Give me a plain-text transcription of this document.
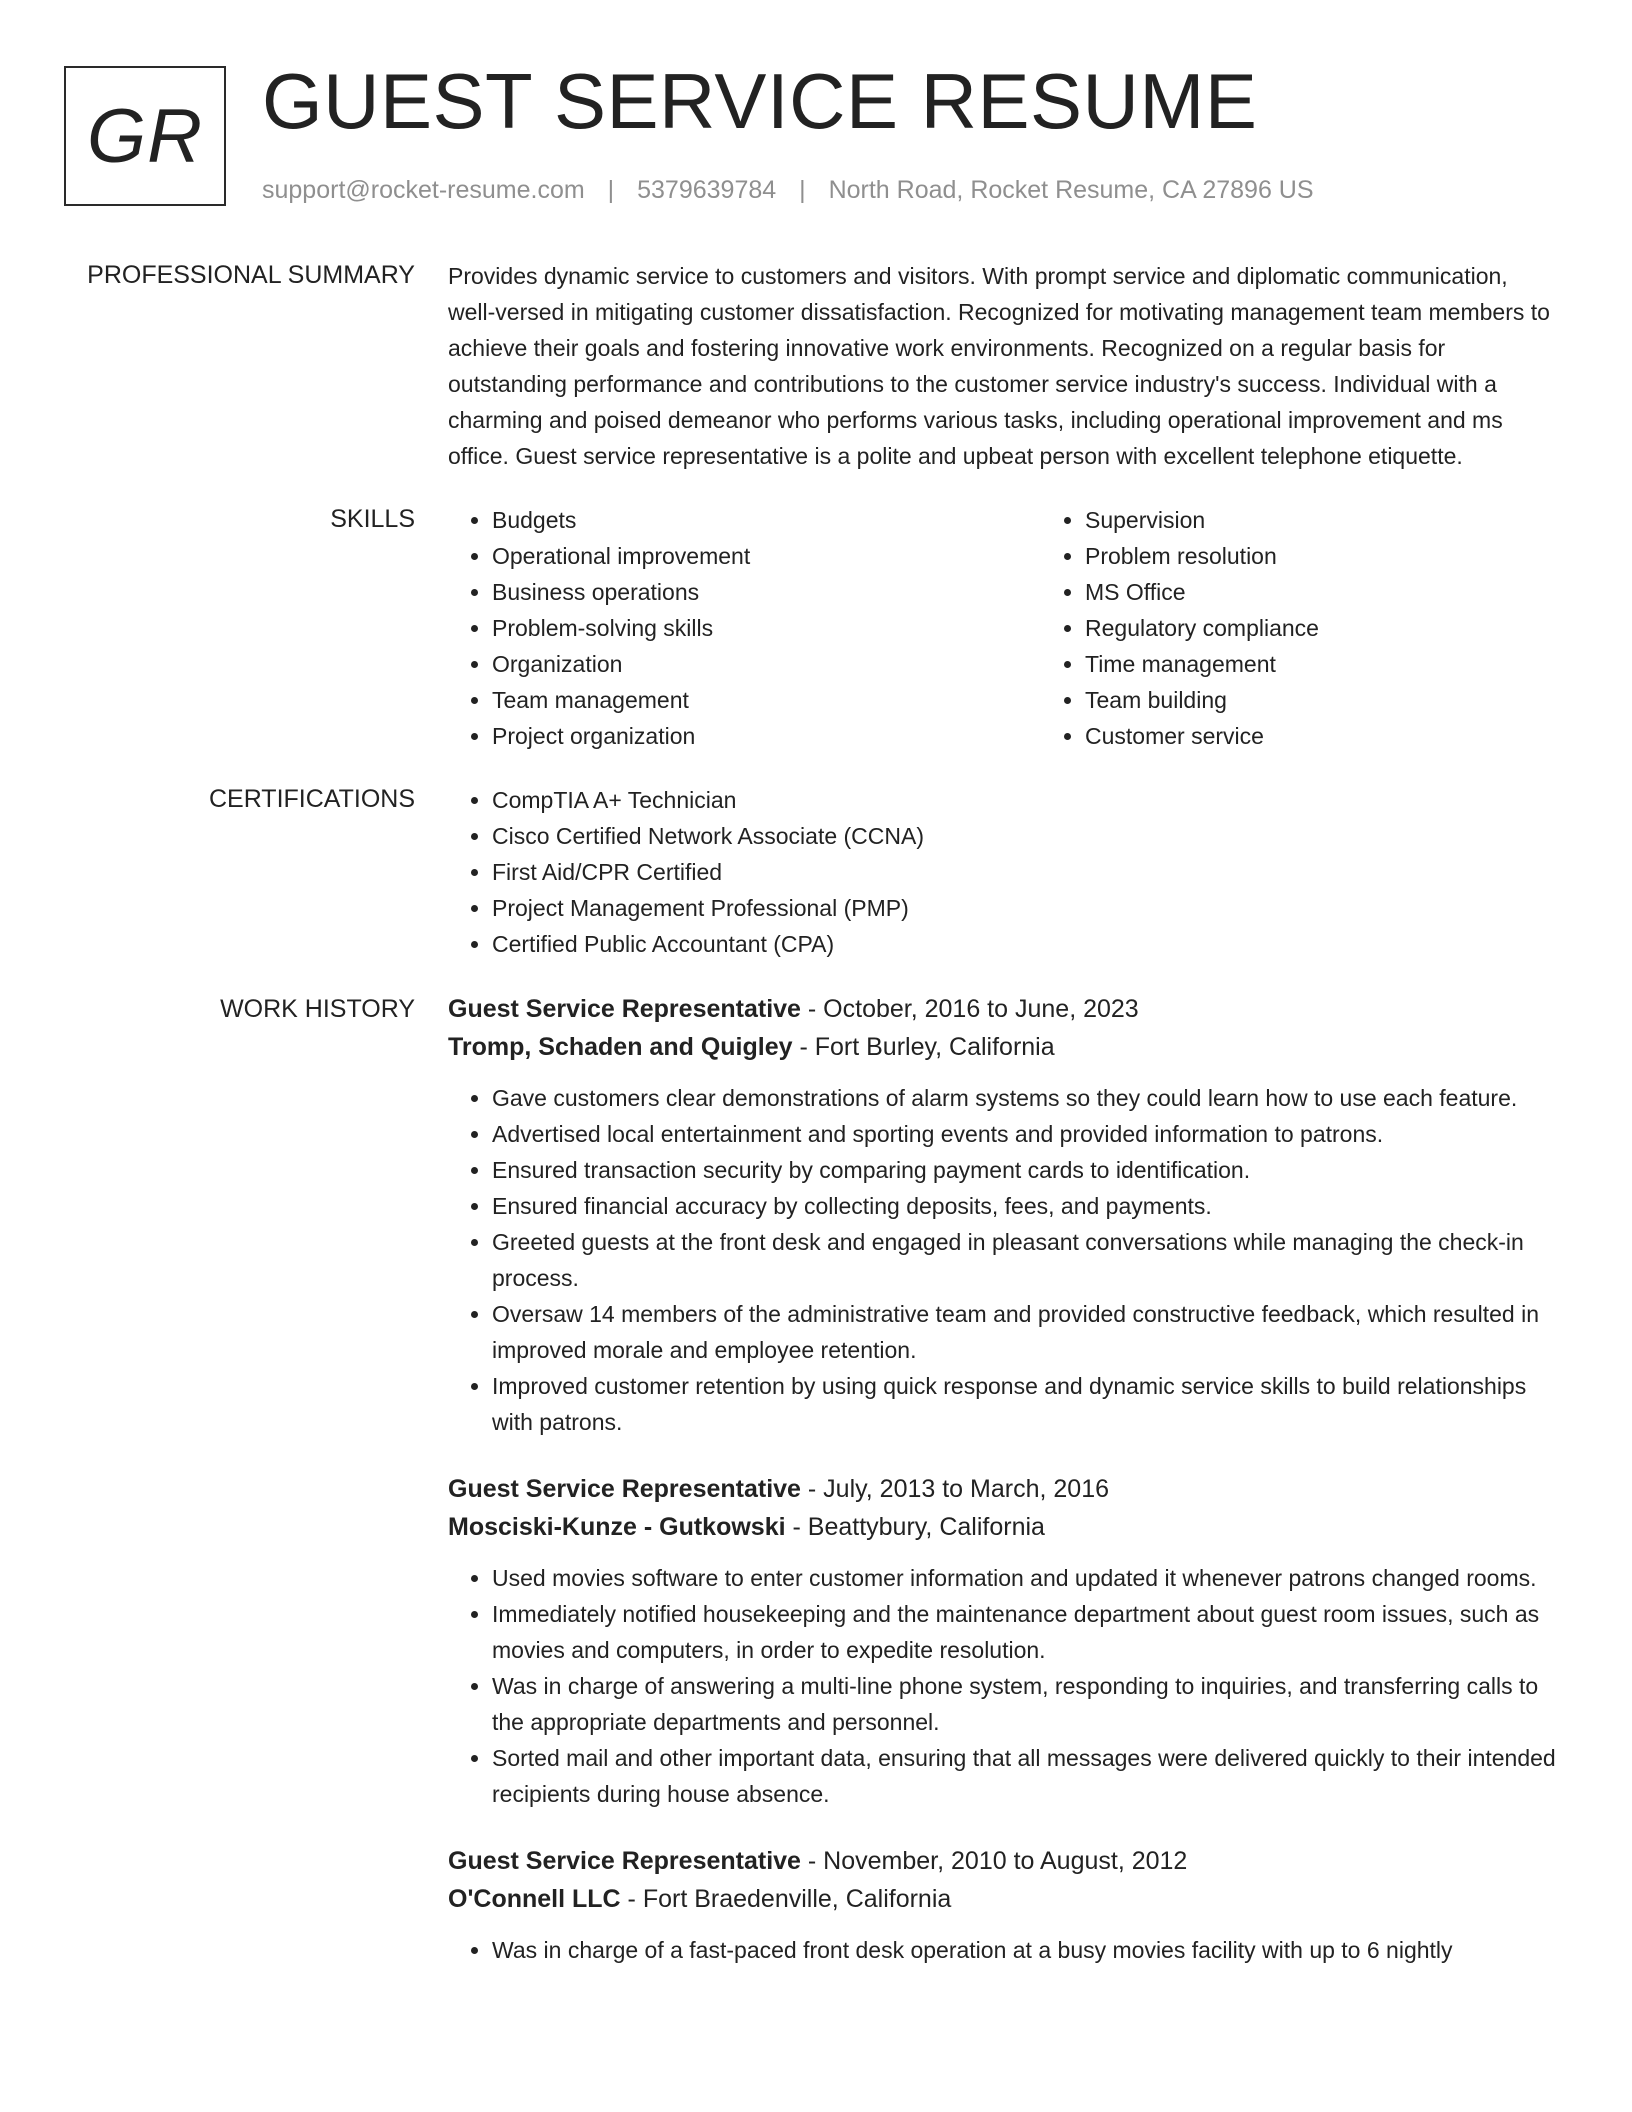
GR GUEST SERVICE RESUME
support@rocket-resume.com | 5379639784 | North Road, Rocket Resume, CA 27896 US
PROFESSIONAL SUMMARY Provides dynamic service to customers and visitors. With prompt service and diplomatic communication, well-versed in mitigating customer dissatisfaction. Recognized for motivating management team members to achieve their goals and fostering innovative work environments. Recognized on a regular basis for outstanding performance and contributions to the customer service industry's success. Individual with a charming and poised demeanor who performs various tasks, including operational improvement and ms office. Guest service representative is a polite and upbeat person with excellent telephone etiquette.

SKILLS	• Budgets
• Operational improvement
• Business operations
• Problem-solving skills
• Organization
• Team management
• Project organization
• Supervision
• Problem resolution
• MS Office
• Regulatory compliance
• Time management
• Team building
• Customer service
CERTIFICATIONS	• CompTIA A+ Technician
• Cisco Certified Network Associate (CCNA)
• First Aid/CPR Certified
• Project Management Professional (PMP)
• Certified Public Accountant (CPA)
WORK HISTORY Guest Service Representative - October, 2016 to June, 2023
Tromp, Schaden and Quigley - Fort Burley, California
• Gave customers clear demonstrations of alarm systems so they could learn how to use each feature.
• Advertised local entertainment and sporting events and provided information to patrons.
• Ensured transaction security by comparing payment cards to identification.
• Ensured financial accuracy by collecting deposits, fees, and payments.
• Greeted guests at the front desk and engaged in pleasant conversations while managing the check-in process.
• Oversaw 14 members of the administrative team and provided constructive feedback, which resulted in improved morale and employee retention.
• Improved customer retention by using quick response and dynamic service skills to build relationships with patrons.
Guest Service Representative - July, 2013 to March, 2016
Mosciski-Kunze - Gutkowski - Beattybury, California
• Used movies software to enter customer information and updated it whenever patrons changed rooms.
• Immediately notified housekeeping and the maintenance department about guest room issues, such as movies and computers, in order to expedite resolution.
• Was in charge of answering a multi-line phone system, responding to inquiries, and transferring calls to the appropriate departments and personnel.
• Sorted mail and other important data, ensuring that all messages were delivered quickly to their intended recipients during house absence.
Guest Service Representative - November, 2010 to August, 2012
O'Connell LLC - Fort Braedenville, California
• Was in charge of a fast-paced front desk operation at a busy movies facility with up to 6 nightly
